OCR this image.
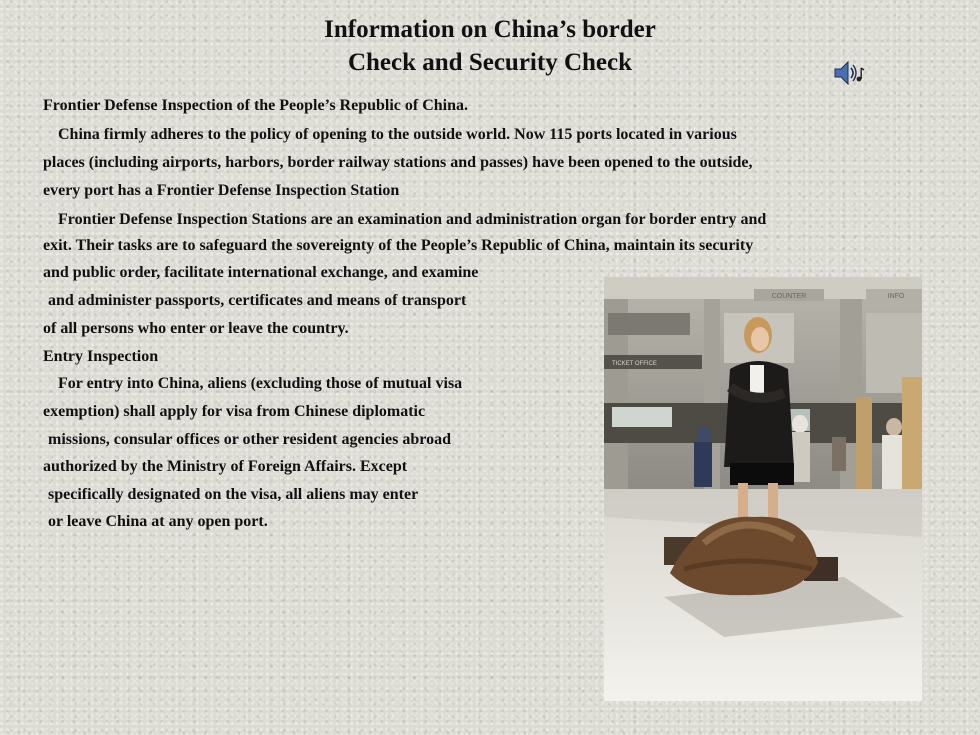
Information on China’s border
Check and Security Check
Frontier Defense Inspection of the People’s Republic of China.
China firmly adheres to the policy of opening to the outside world. Now 115 ports located in various
places (including airports, harbors, border railway stations and passes) have been opened to the outside,
every port has a Frontier Defense Inspection Station
Frontier Defense Inspection Stations are an examination and administration organ for border entry and
exit. Their tasks are to safeguard the sovereignty of the People’s Republic of China, maintain its security
and public order, facilitate international exchange, and examine
and administer passports, certificates and means of transport
of all persons who enter or leave the country.
Entry Inspection
For entry into China, aliens (excluding those of mutual visa
exemption) shall apply for visa from Chinese diplomatic
missions, consular offices or other resident agencies abroad
authorized by the Ministry of Foreign Affairs. Except
specifically designated on the visa, all aliens may enter
or leave China at any open port.
COUNTER	INFO
TICKET OFFICE
